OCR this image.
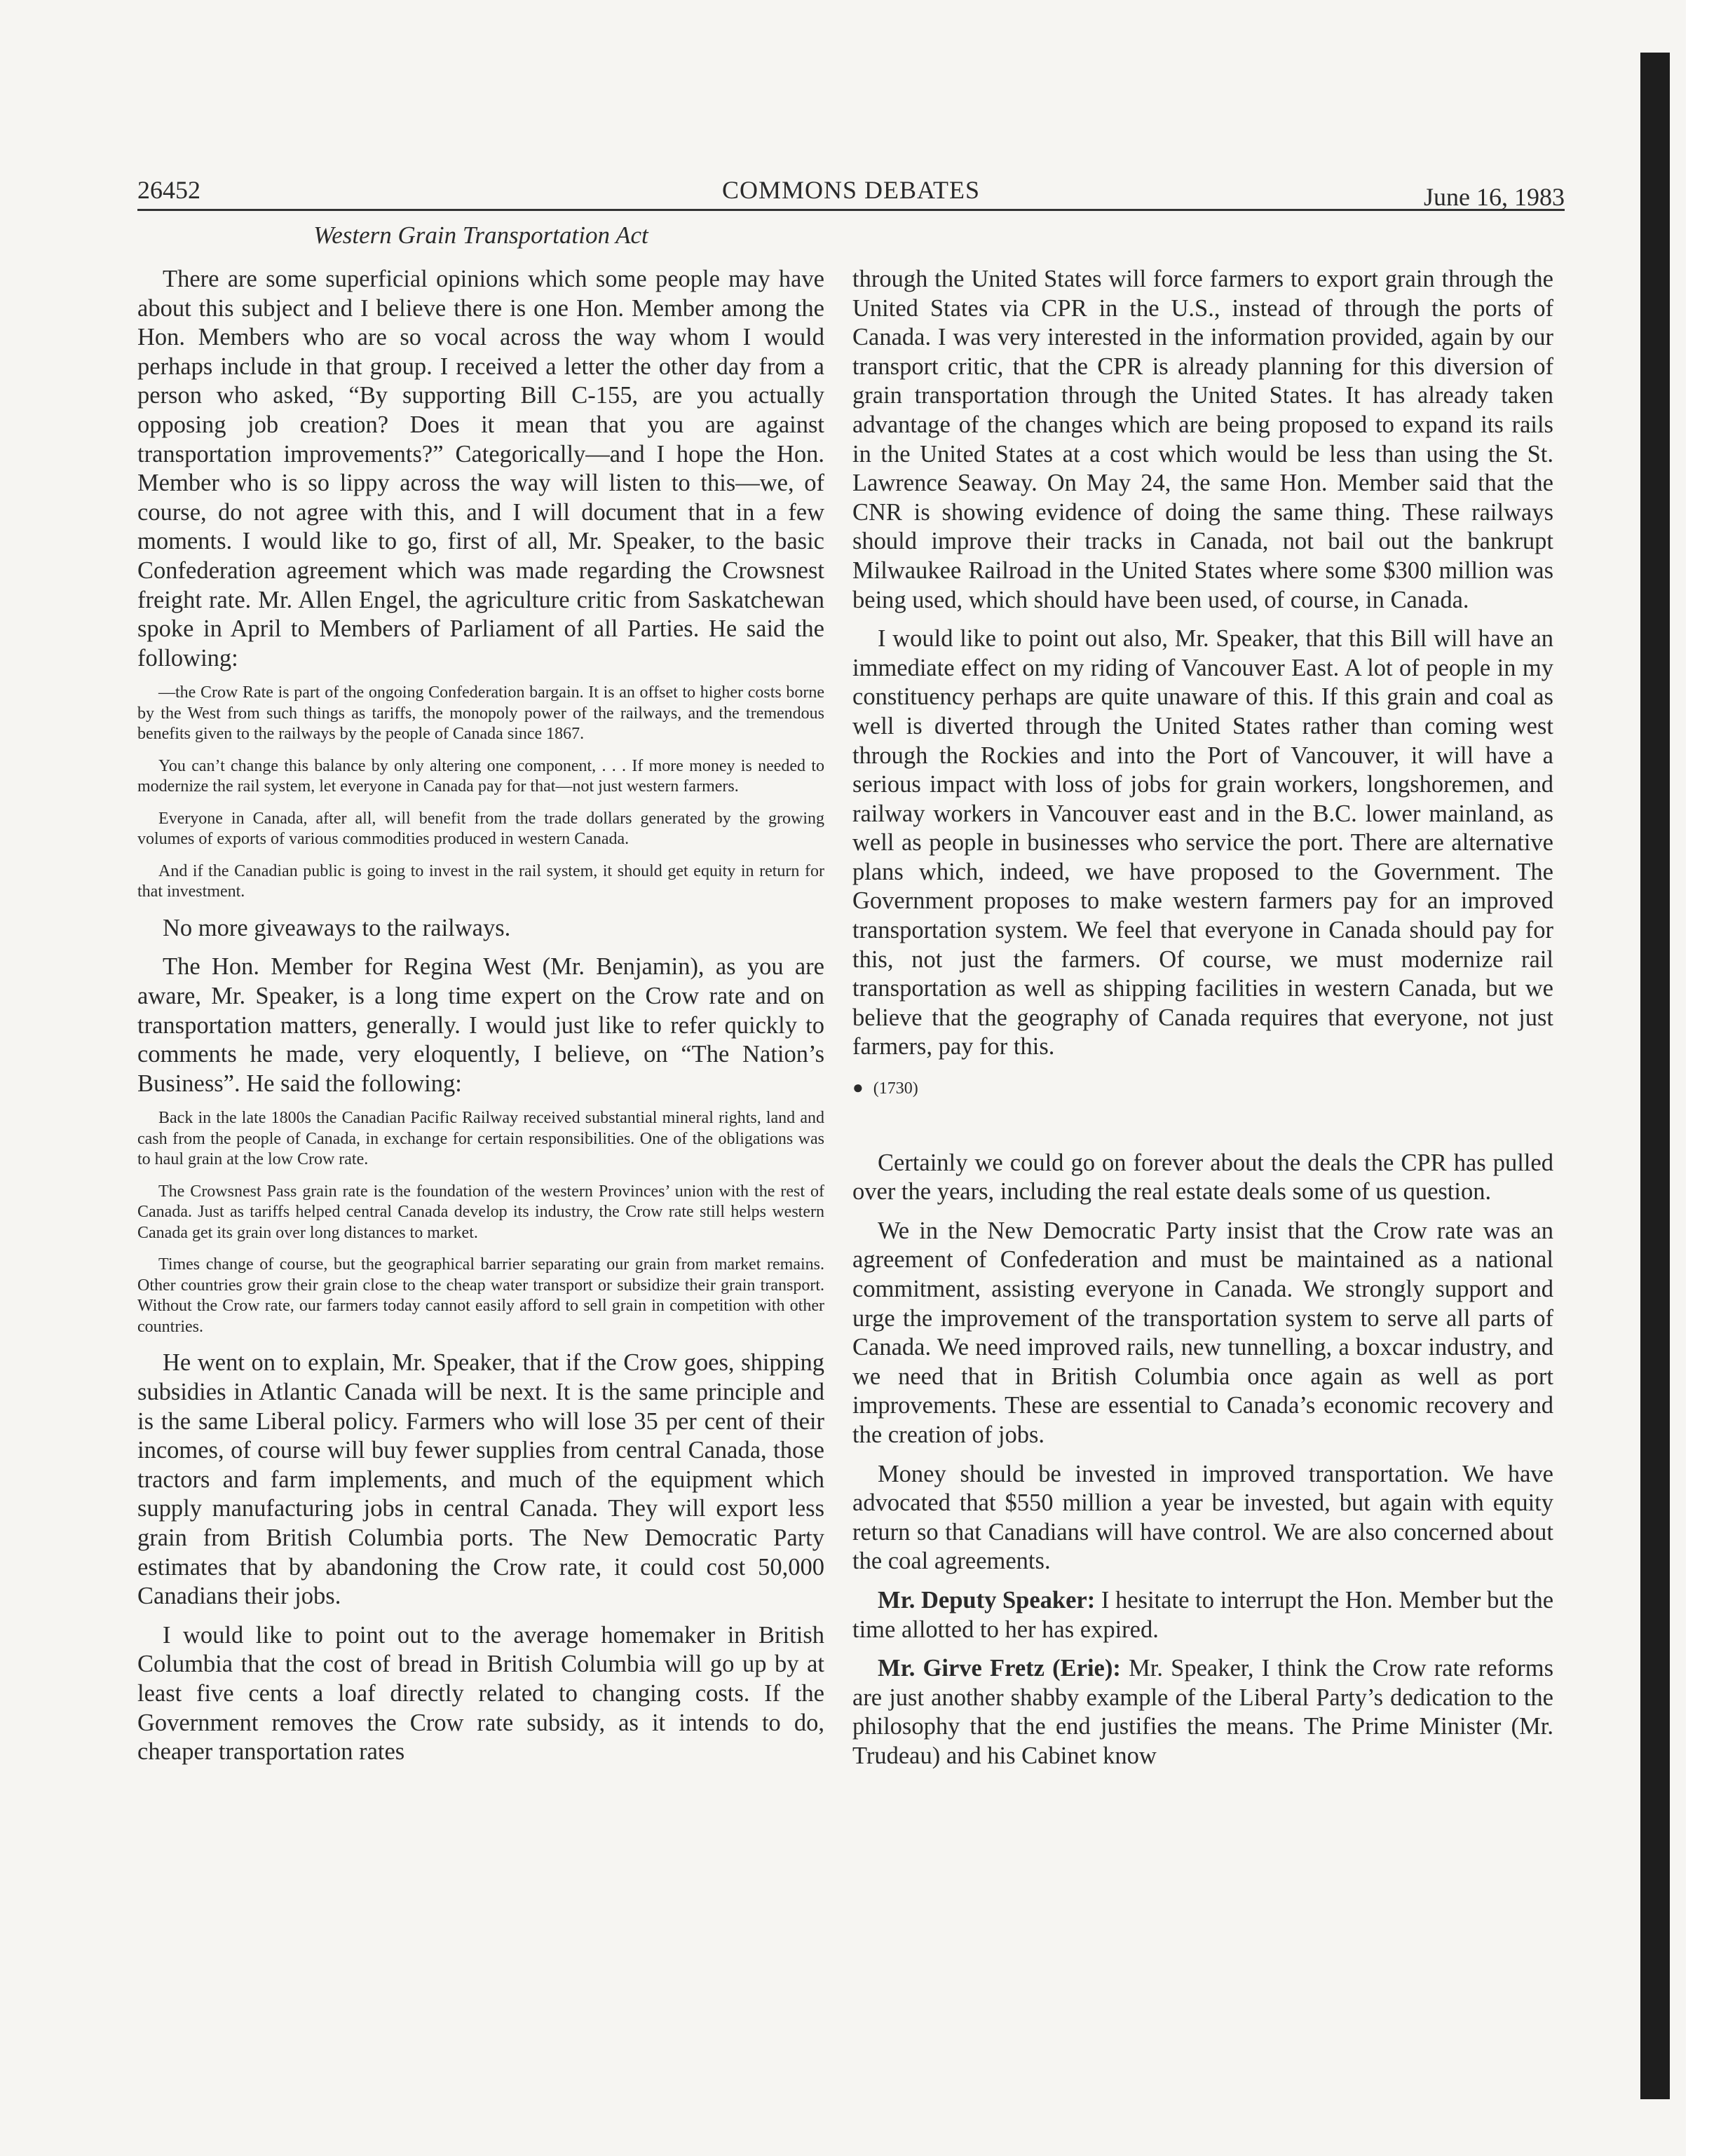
26452	COMMONS DEBATES	June 16, 1983
Western Grain Transportation Act

There are some superficial opinions which some people may have about this subject and I believe there is one Hon. Member among the Hon. Members who are so vocal across the way whom I would perhaps include in that group. I received a letter the other day from a person who asked, “By supporting Bill C-155, are you actually opposing job creation? Does it mean that you are against transportation improvements?” Categorically—and I hope the Hon. Member who is so lippy across the way will listen to this—we, of course, do not agree with this, and I will document that in a few moments. I would like to go, first of all, Mr. Speaker, to the basic Confederation agreement which was made regarding the Crowsnest freight rate. Mr. Allen Engel, the agriculture critic from Saskatchewan spoke in April to Members of Parliament of all Parties. He said the following:

—the Crow Rate is part of the ongoing Confederation bargain. It is an offset to higher costs borne by the West from such things as tariffs, the monopoly power of the railways, and the tremendous benefits given to the railways by the people of Canada since 1867.

You can’t change this balance by only altering one component, . . . If more money is needed to modernize the rail system, let everyone in Canada pay for that—not just western farmers.

Everyone in Canada, after all, will benefit from the trade dollars generated by the growing volumes of exports of various commodities produced in western Canada.

And if the Canadian public is going to invest in the rail system, it should get equity in return for that investment.

No more giveaways to the railways.

The Hon. Member for Regina West (Mr. Benjamin), as you are aware, Mr. Speaker, is a long time expert on the Crow rate and on transportation matters, generally. I would just like to refer quickly to comments he made, very eloquently, I believe, on “The Nation’s Business”. He said the following:

Back in the late 1800s the Canadian Pacific Railway received substantial mineral rights, land and cash from the people of Canada, in exchange for certain responsibilities. One of the obligations was to haul grain at the low Crow rate.

The Crowsnest Pass grain rate is the foundation of the western Provinces’ union with the rest of Canada. Just as tariffs helped central Canada develop its industry, the Crow rate still helps western Canada get its grain over long distances to market.

Times change of course, but the geographical barrier separating our grain from market remains. Other countries grow their grain close to the cheap water transport or subsidize their grain transport. Without the Crow rate, our farmers today cannot easily afford to sell grain in competition with other countries.

He went on to explain, Mr. Speaker, that if the Crow goes, shipping subsidies in Atlantic Canada will be next. It is the same principle and is the same Liberal policy. Farmers who will lose 35 per cent of their incomes, of course will buy fewer supplies from central Canada, those tractors and farm implements, and much of the equipment which supply manufacturing jobs in central Canada. They will export less grain from British Columbia ports. The New Democratic Party estimates that by abandoning the Crow rate, it could cost 50,000 Canadians their jobs.

I would like to point out to the average homemaker in British Columbia that the cost of bread in British Columbia will go up by at least five cents a loaf directly related to changing costs. If the Government removes the Crow rate subsidy, as it intends to do, cheaper transportation rates

through the United States will force farmers to export grain through the United States via CPR in the U.S., instead of through the ports of Canada. I was very interested in the information provided, again by our transport critic, that the CPR is already planning for this diversion of grain transportation through the United States. It has already taken advantage of the changes which are being proposed to expand its rails in the United States at a cost which would be less than using the St. Lawrence Seaway. On May 24, the same Hon. Member said that the CNR is showing evidence of doing the same thing. These railways should improve their tracks in Canada, not bail out the bankrupt Milwaukee Railroad in the United States where some $300 million was being used, which should have been used, of course, in Canada.

I would like to point out also, Mr. Speaker, that this Bill will have an immediate effect on my riding of Vancouver East. A lot of people in my constituency perhaps are quite unaware of this. If this grain and coal as well is diverted through the United States rather than coming west through the Rockies and into the Port of Vancouver, it will have a serious impact with loss of jobs for grain workers, longshoremen, and railway workers in Vancouver east and in the B.C. lower mainland, as well as people in businesses who service the port. There are alternative plans which, indeed, we have proposed to the Government. The Government proposes to make western farmers pay for an improved transportation system. We feel that everyone in Canada should pay for this, not just the farmers. Of course, we must modernize rail transportation as well as shipping facilities in western Canada, but we believe that the geography of Canada requires that everyone, not just farmers, pay for this.

● (1730)

Certainly we could go on forever about the deals the CPR has pulled over the years, including the real estate deals some of us question.

We in the New Democratic Party insist that the Crow rate was an agreement of Confederation and must be maintained as a national commitment, assisting everyone in Canada. We strongly support and urge the improvement of the transportation system to serve all parts of Canada. We need improved rails, new tunnelling, a boxcar industry, and we need that in British Columbia once again as well as port improvements. These are essential to Canada’s economic recovery and the creation of jobs.

Money should be invested in improved transportation. We have advocated that $550 million a year be invested, but again with equity return so that Canadians will have control. We are also concerned about the coal agreements.

Mr. Deputy Speaker: I hesitate to interrupt the Hon. Member but the time allotted to her has expired.

Mr. Girve Fretz (Erie): Mr. Speaker, I think the Crow rate reforms are just another shabby example of the Liberal Party’s dedication to the philosophy that the end justifies the means. The Prime Minister (Mr. Trudeau) and his Cabinet know
